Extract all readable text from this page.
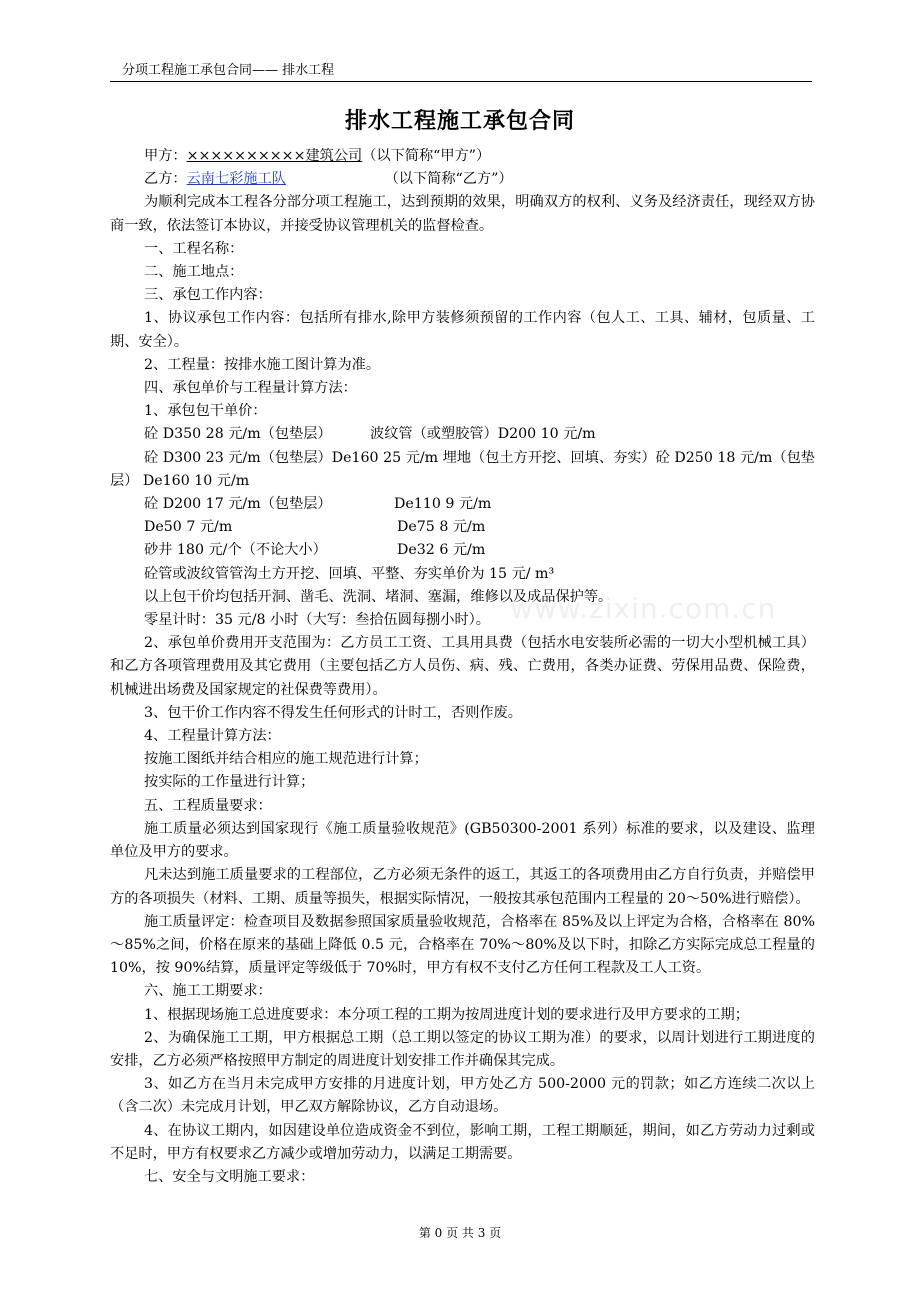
分项工程施工承包合同—— 排水工程
排水工程施工承包合同
www.zixin.com.cn

甲方：××××××××××建筑公司（以下简称“甲方”）

乙方：云南七彩施工队	（以下简称“乙方”）

为顺利完成本工程各分部分项工程施工，达到预期的效果，明确双方的权利、义务及经济责任，现经双方协商一致，依法签订本协议，并接受协议管理机关的监督检查。

一、工程名称：

二、施工地点：

三、承包工作内容：

1、协议承包工作内容：包括所有排水,除甲方装修须预留的工作内容（包人工、工具、辅材，包质量、工期、安全）。

2、工程量：按排水施工图计算为准。

四、承包单价与工程量计算方法：

1、承包包干单价：

砼 D350 28 元/m（包垫层）	波纹管（或塑胶管）D200 10 元/m

砼 D300 23 元/m（包垫层）De160 25 元/m 埋地（包土方开挖、回填、夯实）砼 D250 18 元/m（包垫层） De160 10 元/m

砼 D200 17 元/m（包垫层）	De110 9 元/m

De50 7 元/m	De75 8 元/m

砂井 180 元/个（不论大小）	De32 6 元/m

砼管或波纹管管沟土方开挖、回填、平整、夯实单价为 15 元/ m³

以上包干价均包括开洞、凿毛、洗洞、堵洞、塞漏，维修以及成品保护等。

零星计时：35 元/8 小时（大写：叁拾伍圆每捌小时）。

2、承包单价费用开支范围为：乙方员工工资、工具用具费（包括水电安装所必需的一切大小型机械工具）和乙方各项管理费用及其它费用（主要包括乙方人员伤、病、残、亡费用，各类办证费、劳保用品费、保险费，机械进出场费及国家规定的社保费等费用）。

3、包干价工作内容不得发生任何形式的计时工，否则作废。

4、工程量计算方法：

按施工图纸并结合相应的施工规范进行计算；

按实际的工作量进行计算；

五、工程质量要求：

施工质量必须达到国家现行《施工质量验收规范》(GB50300-2001 系列）标准的要求，以及建设、监理单位及甲方的要求。

凡未达到施工质量要求的工程部位，乙方必须无条件的返工，其返工的各项费用由乙方自行负责，并赔偿甲方的各项损失（材料、工期、质量等损失，根据实际情况，一般按其承包范围内工程量的 20～50%进行赔偿）。

施工质量评定：检查项目及数据参照国家质量验收规范，合格率在 85%及以上评定为合格，合格率在 80%～85%之间，价格在原来的基础上降低 0.5 元，合格率在 70%～80%及以下时，扣除乙方实际完成总工程量的 10%，按 90%结算，质量评定等级低于 70%时，甲方有权不支付乙方任何工程款及工人工资。

六、施工工期要求：

1、根据现场施工总进度要求：本分项工程的工期为按周进度计划的要求进行及甲方要求的工期；

2、为确保施工工期，甲方根据总工期（总工期以签定的协议工期为准）的要求，以周计划进行工期进度的安排，乙方必须严格按照甲方制定的周进度计划安排工作并确保其完成。

3、如乙方在当月未完成甲方安排的月进度计划，甲方处乙方 500-2000 元的罚款；如乙方连续二次以上（含二次）未完成月计划，甲乙双方解除协议，乙方自动退场。

4、在协议工期内，如因建设单位造成资金不到位，影响工期，工程工期顺延，期间，如乙方劳动力过剩或不足时，甲方有权要求乙方减少或增加劳动力，以满足工期需要。

七、安全与文明施工要求：

第 0 页 共 3 页
